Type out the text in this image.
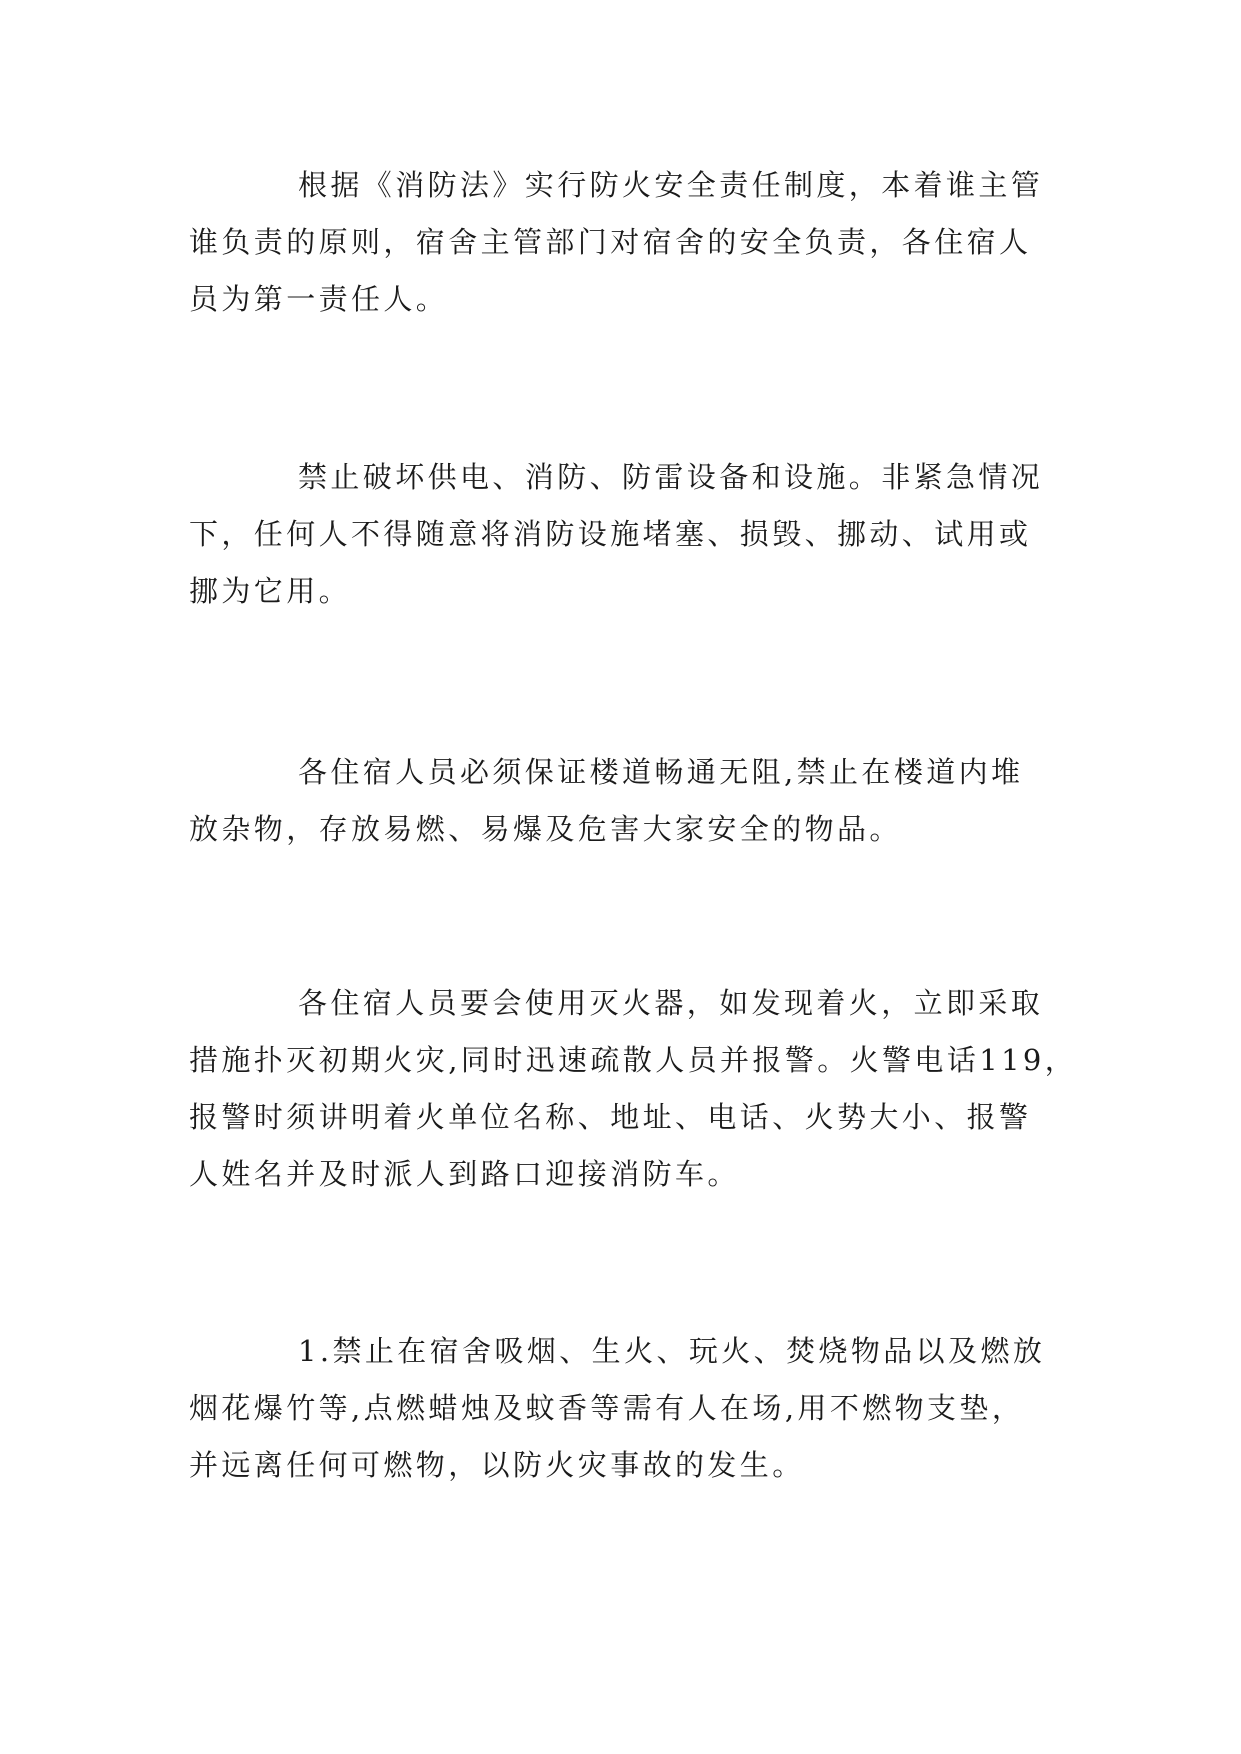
根据《消防法》实行防火安全责任制度，本着谁主管
谁负责的原则，宿舍主管部门对宿舍的安全负责，各住宿人
员为第一责任人。
禁止破坏供电、消防、防雷设备和设施。非紧急情况
下，任何人不得随意将消防设施堵塞、损毁、挪动、试用或
挪为它用。
各住宿人员必须保证楼道畅通无阻,禁止在楼道内堆
放杂物，存放易燃、易爆及危害大家安全的物品。
各住宿人员要会使用灭火器，如发现着火，立即采取
措施扑灭初期火灾,同时迅速疏散人员并报警。火警电话119，
报警时须讲明着火单位名称、地址、电话、火势大小、报警
人姓名并及时派人到路口迎接消防车。
1.禁止在宿舍吸烟、生火、玩火、焚烧物品以及燃放
烟花爆竹等,点燃蜡烛及蚊香等需有人在场,用不燃物支垫，
并远离任何可燃物，以防火灾事故的发生。
